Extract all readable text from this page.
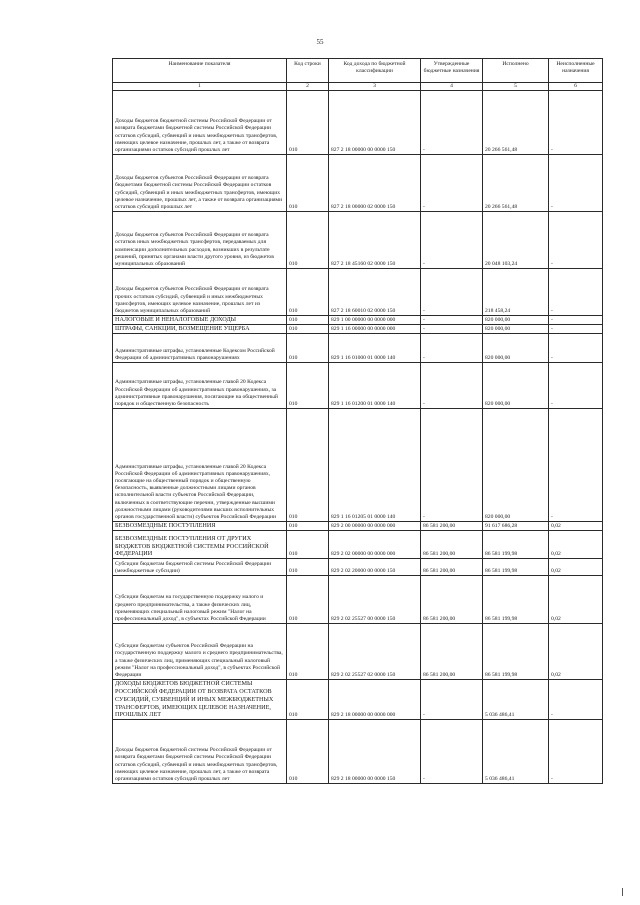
55
Наименование показателя	Код строки	Код дохода по бюджетной классификации	Утвержденные бюджетные назначения	Исполнено	Неисполненные назначения
1	2	3	4	5	6
Доходы бюджетов бюджетной системы Российской Федерации от возврата бюджетами бюджетной системы Российской Федерации остатков субсидий, субвенций и иных межбюджетных трансфертов, имеющих целевое назначение, прошлых лет, а также от возврата организациями остатков субсидий прошлых лет	010	827 2 18 00000 00 0000 150	-	20 266 561,48	-
Доходы бюджетов субъектов Российской Федерации от возврата бюджетами бюджетной системы Российской Федерации остатков субсидий, субвенций и иных межбюджетных трансфертов, имеющих целевое назначение, прошлых лет, а также от возврата организациями остатков субсидий прошлых лет	010	827 2 18 00000 02 0000 150	-	20 266 561,48	-
Доходы бюджетов субъектов Российской Федерации от возврата остатков иных межбюджетных трансфертов, передаваемых для компенсации дополнительных расходов, возникших в результате решений, принятых органами власти другого уровня, из бюджетов муниципальных образований	010	827 2 18 45160 02 0000 150	-	20 048 103,24	-
Доходы бюджетов субъектов Российской Федерации от возврата прочих остатков субсидий, субвенций и иных межбюджетных трансфертов, имеющих целевое назначение, прошлых лет из бюджетов муниципальных образований	010	827 2 18 60010 02 0000 150	-	218 458,24	-
НАЛОГОВЫЕ И НЕНАЛОГОВЫЕ ДОХОДЫ	010	829 1 00 00000 00 0000 000	-	820 000,00	-
ШТРАФЫ, САНКЦИИ, ВОЗМЕЩЕНИЕ УЩЕРБА	010	829 1 16 00000 00 0000 000	-	820 000,00	-
Административные штрафы, установленные Кодексом Российской Федерации об административных правонарушениях	010	829 1 16 01000 01 0000 140	-	820 000,00	-
Административные штрафы, установленные главой 20 Кодекса Российской Федерации об административных правонарушениях, за административные правонарушения, посягающие на общественный порядок и общественную безопасность	010	829 1 16 01200 01 0000 140	-	820 000,00	-
Административные штрафы, установленные главой 20 Кодекса Российской Федерации об административных правонарушениях, посягающие на общественный порядок и общественную безопасность, выявленные должностными лицами органов исполнительной власти субъектов Российской Федерации, включенных в соответствующие перечни, утвержденные высшими должностными лицами (руководителями высших исполнительных органов государственной власти) субъектов Российской Федерации	010	829 1 16 01205 01 0000 140	-	820 000,00	-
БЕЗВОЗМЕЗДНЫЕ ПОСТУПЛЕНИЯ	010	829 2 00 00000 00 0000 000	86 581 200,00	91 617 686,28	0,02
БЕЗВОЗМЕЗДНЫЕ ПОСТУПЛЕНИЯ ОТ ДРУГИХ БЮДЖЕТОВ БЮДЖЕТНОЙ СИСТЕМЫ РОССИЙСКОЙ ФЕДЕРАЦИИ	010	829 2 02 00000 00 0000 000	86 581 200,00	86 581 199,98	0,02
Субсидии бюджетам бюджетной системы Российской Федерации (межбюджетные субсидии)	010	829 2 02 20000 00 0000 150	86 581 200,00	86 581 199,98	0,02
Субсидии бюджетам на государственную поддержку малого и среднего предпринимательства, а также физических лиц, применяющих специальный налоговый режим "Налог на профессиональный доход", в субъектах Российской Федерации	010	829 2 02 25527 00 0000 150	86 581 200,00	86 581 199,98	0,02
Субсидии бюджетам субъектов Российской Федерации на государственную поддержку малого и среднего предпринимательства, а также физических лиц, применяющих специальный налоговый режим "Налог на профессиональный доход", в субъектах Российской Федерации	010	829 2 02 25527 02 0000 150	86 581 200,00	86 581 199,98	0,02
ДОХОДЫ БЮДЖЕТОВ БЮДЖЕТНОЙ СИСТЕМЫ РОССИЙСКОЙ ФЕДЕРАЦИИ ОТ ВОЗВРАТА ОСТАТКОВ СУБСИДИЙ, СУБВЕНЦИЙ И ИНЫХ МЕЖБЮДЖЕТНЫХ ТРАНСФЕРТОВ, ИМЕЮЩИХ ЦЕЛЕВОЕ НАЗНАЧЕНИЕ, ПРОШЛЫХ ЛЕТ	010	829 2 18 00000 00 0000 000	-	5 036 486,41	-
Доходы бюджетов бюджетной системы Российской Федерации от возврата бюджетами бюджетной системы Российской Федерации остатков субсидий, субвенций и иных межбюджетных трансфертов, имеющих целевое назначение, прошлых лет, а также от возврата организациями остатков субсидий прошлых лет	010	829 2 18 00000 00 0000 150	-	5 036 486,41	-
